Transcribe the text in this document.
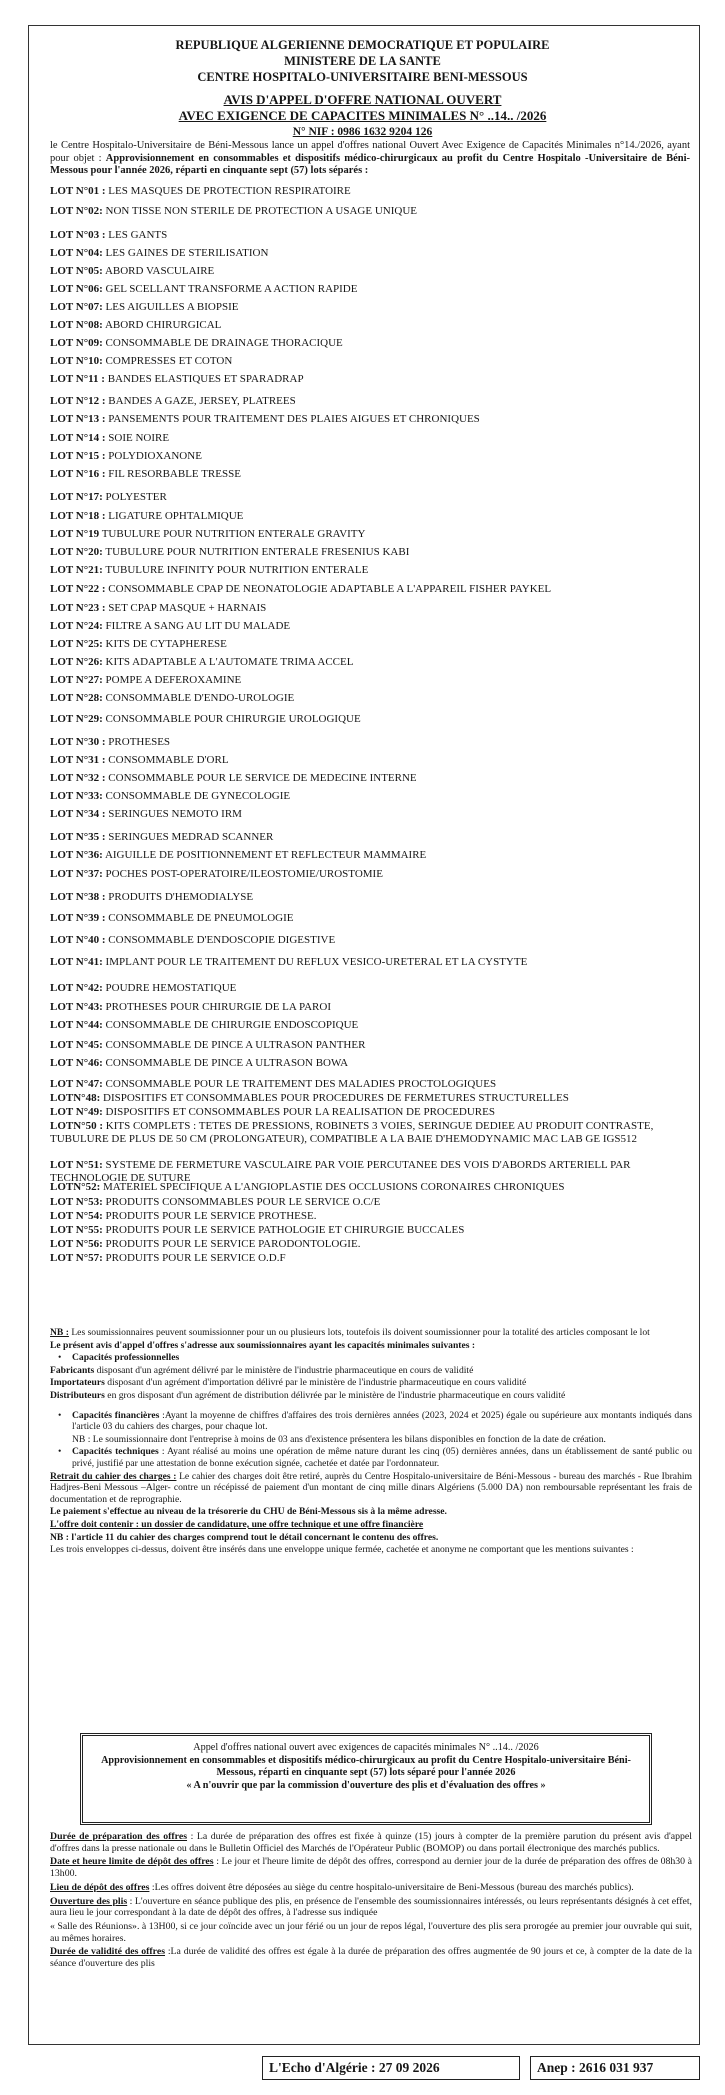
REPUBLIQUE ALGERIENNE DEMOCRATIQUE ET POPULAIRE
MINISTERE DE LA SANTE
CENTRE HOSPITALO-UNIVERSITAIRE BENI-MESSOUS
AVIS D'APPEL D'OFFRE NATIONAL OUVERT
AVEC EXIGENCE DE CAPACITES MINIMALES N° ..14.. /2026
N° NIF : 0986 1632 9204 126
le Centre Hospitalo-Universitaire de Béni-Messous lance un appel d'offres national Ouvert Avec Exigence de Capacités Minimales n°14./2026, ayant pour objet : Approvisionnement en consommables et dispositifs médico-chirurgicaux au profit du Centre Hospitalo -Universitaire de Béni- Messous pour l'année 2026, réparti en cinquante sept (57) lots séparés :
LOT N°01 : LES MASQUES DE PROTECTION RESPIRATOIRE
LOT N°02: NON TISSE NON STERILE DE PROTECTION A USAGE UNIQUE
LOT N°03 : LES GANTS
LOT N°04: LES GAINES DE STERILISATION
LOT N°05: ABORD VASCULAIRE
LOT N°06: GEL SCELLANT TRANSFORME A ACTION RAPIDE
LOT N°07: LES AIGUILLES A BIOPSIE
LOT N°08: ABORD CHIRURGICAL
LOT N°09: CONSOMMABLE DE DRAINAGE THORACIQUE
LOT N°10: COMPRESSES ET COTON
LOT N°11 : BANDES ELASTIQUES ET SPARADRAP
LOT N°12 : BANDES A GAZE, JERSEY, PLATREES
LOT N°13 : PANSEMENTS POUR TRAITEMENT DES PLAIES AIGUES ET CHRONIQUES
LOT N°14 : SOIE NOIRE
LOT N°15 : POLYDIOXANONE
LOT N°16 : FIL RESORBABLE TRESSE
LOT N°17: POLYESTER
LOT N°18 : LIGATURE OPHTALMIQUE
LOT N°19 TUBULURE POUR NUTRITION ENTERALE GRAVITY
LOT N°20: TUBULURE POUR NUTRITION ENTERALE FRESENIUS KABI
LOT N°21: TUBULURE INFINITY POUR NUTRITION ENTERALE
LOT N°22 : CONSOMMABLE CPAP DE NEONATOLOGIE ADAPTABLE A L'APPAREIL FISHER PAYKEL
LOT N°23 : SET CPAP MASQUE + HARNAIS
LOT N°24: FILTRE A SANG AU LIT DU MALADE
LOT N°25: KITS DE CYTAPHERESE
LOT N°26: KITS ADAPTABLE A L'AUTOMATE TRIMA ACCEL
LOT N°27: POMPE A DEFEROXAMINE
LOT N°28: CONSOMMABLE D'ENDO-UROLOGIE
LOT N°29: CONSOMMABLE POUR CHIRURGIE UROLOGIQUE
LOT N°30 : PROTHESES
LOT N°31 : CONSOMMABLE D'ORL
LOT N°32 : CONSOMMABLE POUR LE SERVICE DE MEDECINE INTERNE
LOT N°33: CONSOMMABLE DE GYNECOLOGIE
LOT N°34 : SERINGUES NEMOTO IRM
LOT N°35 : SERINGUES MEDRAD SCANNER
LOT N°36: AIGUILLE DE POSITIONNEMENT ET REFLECTEUR MAMMAIRE
LOT N°37: POCHES POST-OPERATOIRE/ILEOSTOMIE/UROSTOMIE
LOT N°38 : PRODUITS D'HEMODIALYSE
LOT N°39 : CONSOMMABLE DE PNEUMOLOGIE
LOT N°40 : CONSOMMABLE D'ENDOSCOPIE DIGESTIVE
LOT N°41: IMPLANT POUR LE TRAITEMENT DU REFLUX VESICO-URETERAL ET LA CYSTYTE
LOT N°42: POUDRE HEMOSTATIQUE
LOT N°43: PROTHESES POUR CHIRURGIE DE LA PAROI
LOT N°44: CONSOMMABLE DE CHIRURGIE ENDOSCOPIQUE
LOT N°45: CONSOMMABLE DE PINCE A ULTRASON PANTHER
LOT N°46: CONSOMMABLE DE PINCE A ULTRASON BOWA
LOT N°47: CONSOMMABLE POUR LE TRAITEMENT DES MALADIES PROCTOLOGIQUES
LOTN°48: DISPOSITIFS ET CONSOMMABLES POUR PROCEDURES DE FERMETURES STRUCTURELLES
LOT N°49: DISPOSITIFS ET CONSOMMABLES POUR LA REALISATION DE PROCEDURES
LOTN°50 : KITS COMPLETS : TETES DE PRESSIONS, ROBINETS 3 VOIES, SERINGUE DEDIEE AU PRODUIT CONTRASTE, TUBULURE DE PLUS DE 50 CM (PROLONGATEUR), COMPATIBLE A LA BAIE D'HEMODYNAMIC MAC LAB GE IGS512
LOT N°51: SYSTEME DE FERMETURE VASCULAIRE PAR VOIE PERCUTANEE DES VOIS D'ABORDS ARTERIELL PAR TECHNOLOGIE DE SUTURE
LOTN°52: MATERIEL SPECIFIQUE A L'ANGIOPLASTIE DES OCCLUSIONS CORONAIRES CHRONIQUES
LOT N°53: PRODUITS CONSOMMABLES POUR LE SERVICE O.C/E
LOT N°54: PRODUITS POUR LE SERVICE PROTHESE.
LOT N°55: PRODUITS POUR LE SERVICE PATHOLOGIE ET CHIRURGIE BUCCALES
LOT N°56: PRODUITS POUR LE SERVICE PARODONTOLOGIE.
LOT N°57: PRODUITS POUR LE SERVICE O.D.F

NB : Les soumissionnaires peuvent soumissionner pour un ou plusieurs lots, toutefois ils doivent soumissionner pour la totalité des articles composant le lot

Le présent avis d'appel d'offres s'adresse aux soumissionnaires ayant les capacités minimales suivantes :

• Capacités professionnelles

Fabricants disposant d'un agrément délivré par le ministère de l'industrie pharmaceutique en cours de validité

Importateurs disposant d'un agrément d'importation délivré par le ministère de l'industrie pharmaceutique en cours validité

Distributeurs en gros disposant d'un agrément de distribution délivrée par le ministère de l'industrie pharmaceutique en cours validité

• Capacités financières :Ayant la moyenne de chiffres d'affaires des trois dernières années (2023, 2024 et 2025) égale ou supérieure aux montants indiqués dans l'article 03 du cahiers des charges, pour chaque lot.

NB : Le soumissionnaire dont l'entreprise à moins de 03 ans d'existence présentera les bilans disponibles en fonction de la date de création.

• Capacités techniques : Ayant réalisé au moins une opération de même nature durant les cinq (05) dernières années, dans un établissement de santé public ou privé, justifié par une attestation de bonne exécution signée, cachetée et datée par l'ordonnateur.

Retrait du cahier des charges : Le cahier des charges doit être retiré, auprès du Centre Hospitalo-universitaire de Béni-Messous - bureau des marchés - Rue Ibrahim Hadjres-Beni Messous –Alger- contre un récépissé de paiement d'un montant de cinq mille dinars Algériens (5.000 DA) non remboursable représentant les frais de documentation et de reprographie.

Le paiement s'effectue au niveau de la trésorerie du CHU de Béni-Messous sis à la même adresse.

L'offre doit contenir : un dossier de candidature, une offre technique et une offre financière

NB : l'article 11 du cahier des charges comprend tout le détail concernant le contenu des offres.

Les trois enveloppes ci-dessus, doivent être insérés dans une enveloppe unique fermée, cachetée et anonyme ne comportant que les mentions suivantes :

Appel d'offres national ouvert avec exigences de capacités minimales N° ..14.. /2026
Approvisionnement en consommables et dispositifs médico-chirurgicaux au profit du Centre Hospitalo-universitaire Béni- Messous, réparti en cinquante sept (57) lots séparé pour l'année 2026
« A n'ouvrir que par la commission d'ouverture des plis et d'évaluation des offres »

Durée de préparation des offres : La durée de préparation des offres est fixée à quinze (15) jours à compter de la première parution du présent avis d'appel d'offres dans la presse nationale ou dans le Bulletin Officiel des Marchés de l'Opérateur Public (BOMOP) ou dans portail électronique des marchés publics.

Date et heure limite de dépôt des offres : Le jour et l'heure limite de dépôt des offres, correspond au dernier jour de la durée de préparation des offres de 08h30 à 13h00.

Lieu de dépôt des offres :Les offres doivent être déposées au siège du centre hospitalo-universitaire de Beni-Messous (bureau des marchés publics).

Ouverture des plis : L'ouverture en séance publique des plis, en présence de l'ensemble des soumissionnaires intéressés, ou leurs représentants désignés à cet effet, aura lieu le jour correspondant à la date de dépôt des offres, à l'adresse sus indiquée

« Salle des Réunions». à 13H00, si ce jour coïncide avec un jour férié ou un jour de repos légal, l'ouverture des plis sera prorogée au premier jour ouvrable qui suit, au mêmes horaires.

Durée de validité des offres :La durée de validité des offres est égale à la durée de préparation des offres augmentée de 90 jours et ce, à compter de la date de la séance d'ouverture des plis

L'Echo d'Algérie : 27 09 2026	Anep : 2616 031 937
